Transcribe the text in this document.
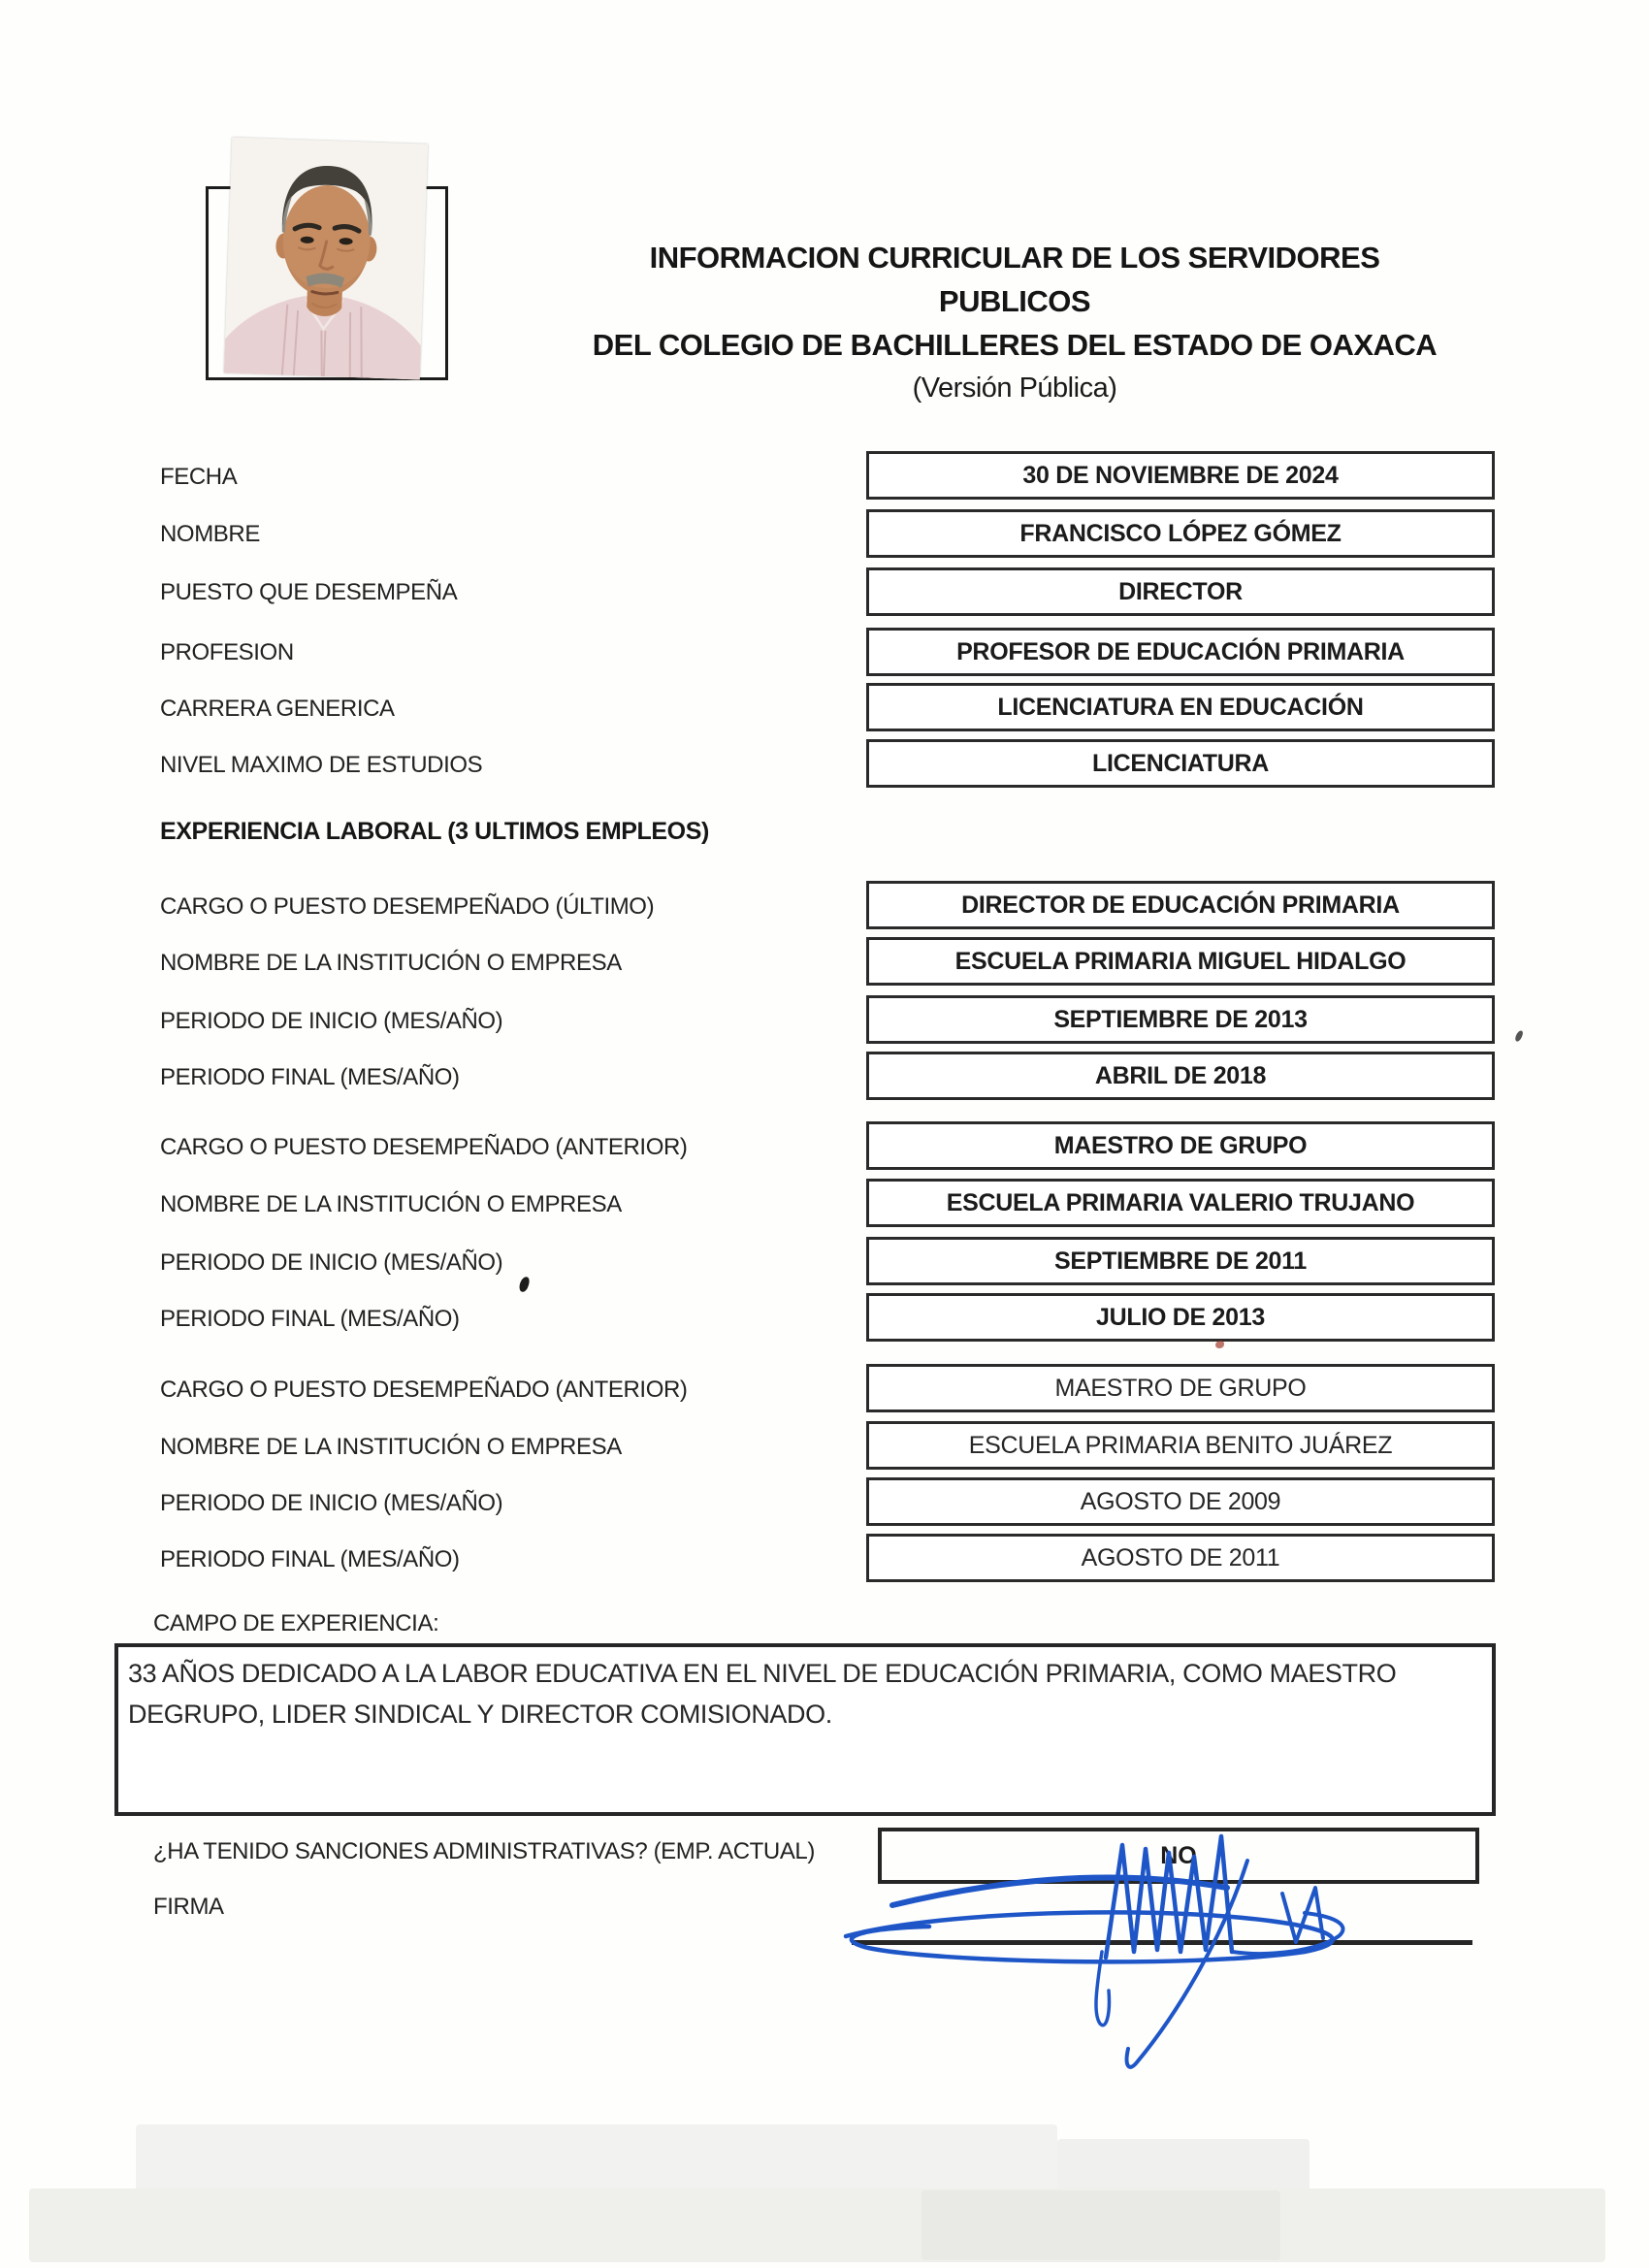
INFORMACION CURRICULAR DE LOS SERVIDORES PUBLICOS
DEL COLEGIO DE BACHILLERES DEL ESTADO DE OAXACA
(Versión Pública)
FECHA	30 DE NOVIEMBRE DE 2024
NOMBRE	FRANCISCO LÓPEZ GÓMEZ
PUESTO QUE DESEMPEÑA	DIRECTOR
PROFESION	PROFESOR DE EDUCACIÓN PRIMARIA
CARRERA GENERICA	LICENCIATURA EN EDUCACIÓN
NIVEL MAXIMO DE ESTUDIOS	LICENCIATURA
EXPERIENCIA LABORAL (3 ULTIMOS EMPLEOS)
CARGO O PUESTO DESEMPEÑADO (ÚLTIMO)	DIRECTOR DE EDUCACIÓN PRIMARIA
NOMBRE DE LA INSTITUCIÓN O EMPRESA	ESCUELA PRIMARIA MIGUEL HIDALGO
PERIODO DE INICIO (MES/AÑO)	SEPTIEMBRE DE 2013
PERIODO FINAL (MES/AÑO)	ABRIL DE 2018
CARGO O PUESTO DESEMPEÑADO (ANTERIOR)	MAESTRO DE GRUPO
NOMBRE DE LA INSTITUCIÓN O EMPRESA	ESCUELA PRIMARIA VALERIO TRUJANO
PERIODO DE INICIO (MES/AÑO)	SEPTIEMBRE DE 2011
PERIODO FINAL (MES/AÑO)	JULIO DE 2013
CARGO O PUESTO DESEMPEÑADO (ANTERIOR)	MAESTRO DE GRUPO
NOMBRE DE LA INSTITUCIÓN O EMPRESA	ESCUELA PRIMARIA BENITO JUÁREZ
PERIODO DE INICIO (MES/AÑO)	AGOSTO DE 2009
PERIODO FINAL (MES/AÑO)	AGOSTO DE 2011
CAMPO DE EXPERIENCIA:
33 AÑOS DEDICADO A LA LABOR EDUCATIVA EN EL NIVEL DE EDUCACIÓN PRIMARIA, COMO MAESTRO DEGRUPO, LIDER SINDICAL Y DIRECTOR COMISIONADO.
¿HA TENIDO SANCIONES ADMINISTRATIVAS? (EMP. ACTUAL)	NO
FIRMA
